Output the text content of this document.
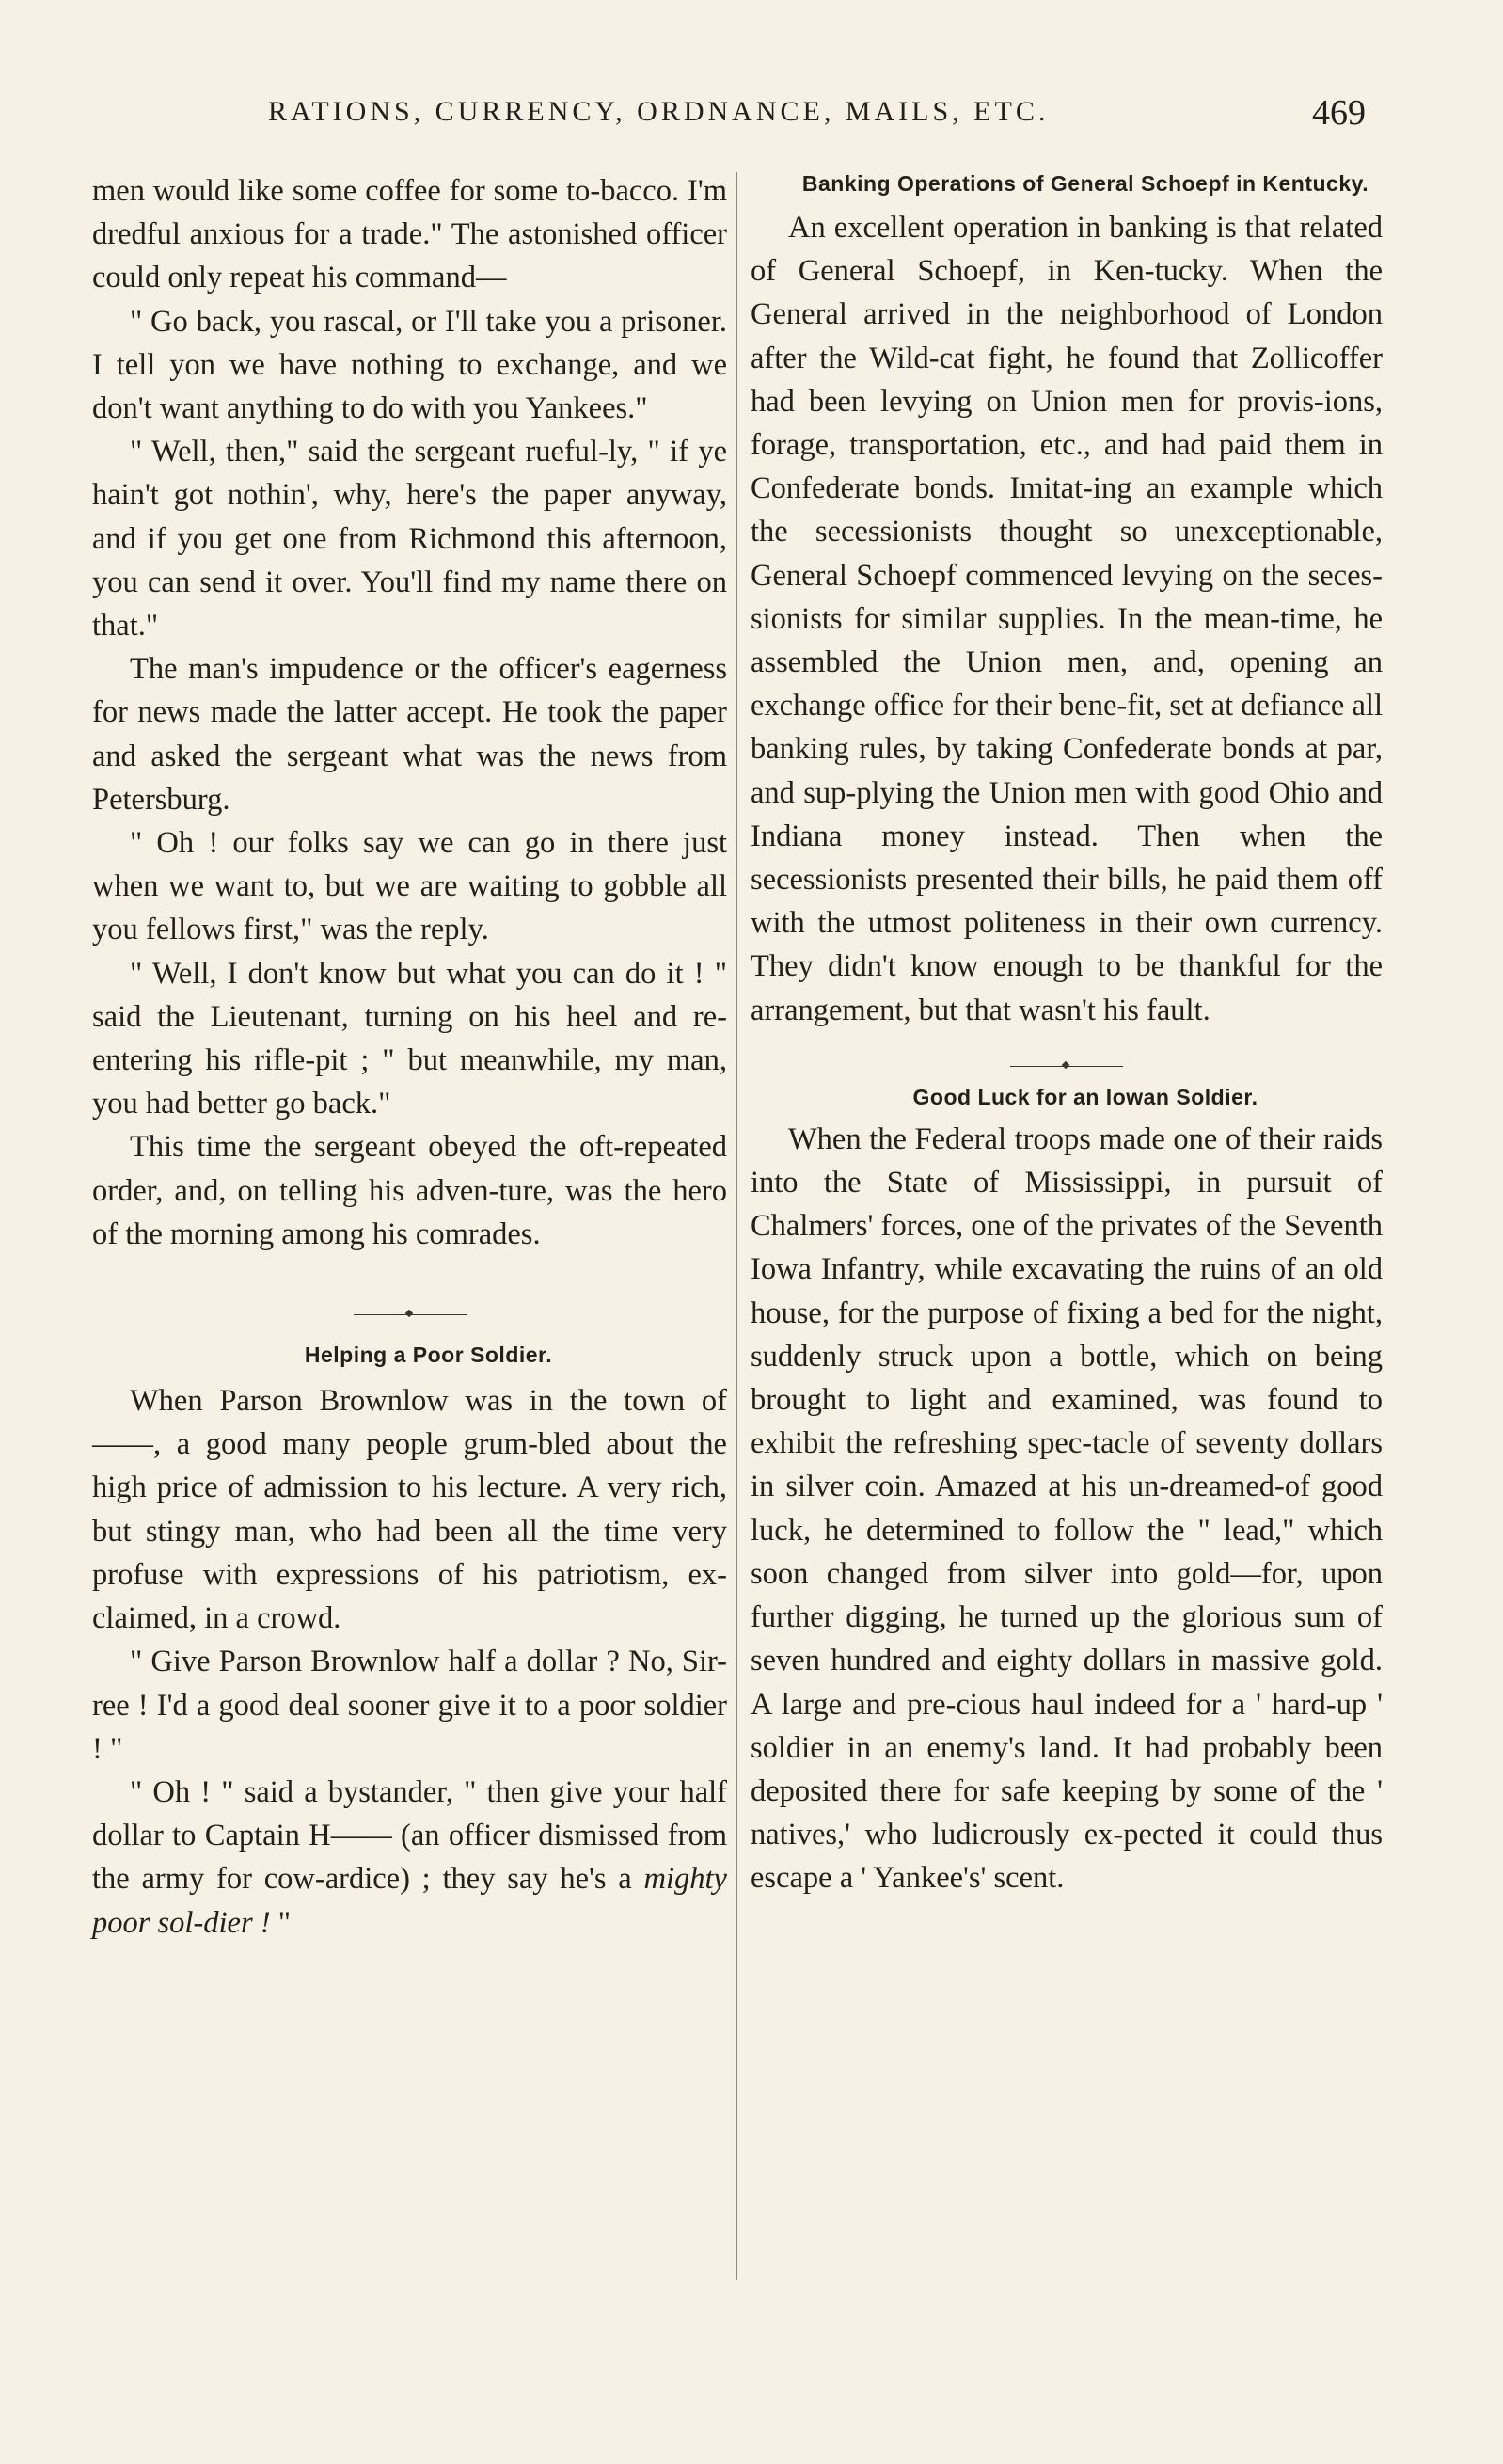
RATIONS, CURRENCY, ORDNANCE, MAILS, ETC.	469

men would like some coffee for some to-bacco. I'm dredful anxious for a trade." The astonished officer could only repeat his command—

" Go back, you rascal, or I'll take you a prisoner. I tell yon we have nothing to exchange, and we don't want anything to do with you Yankees."

" Well, then," said the sergeant rueful-ly, " if ye hain't got nothin', why, here's the paper anyway, and if you get one from Richmond this afternoon, you can send it over. You'll find my name there on that."

The man's impudence or the officer's eagerness for news made the latter accept. He took the paper and asked the sergeant what was the news from Petersburg.

" Oh ! our folks say we can go in there just when we want to, but we are waiting to gobble all you fellows first," was the reply.

" Well, I don't know but what you can do it ! " said the Lieutenant, turning on his heel and re-entering his rifle-pit ; " but meanwhile, my man, you had better go back."

This time the sergeant obeyed the oft-repeated order, and, on telling his adven-ture, was the hero of the morning among his comrades.

Helping a Poor Soldier.

When Parson Brownlow was in the town of ——, a good many people grum-bled about the high price of admission to his lecture. A very rich, but stingy man, who had been all the time very profuse with expressions of his patriotism, ex-claimed, in a crowd.

" Give Parson Brownlow half a dollar ? No, Sir-ree ! I'd a good deal sooner give it to a poor soldier ! "

" Oh ! " said a bystander, " then give your half dollar to Captain H—— (an officer dismissed from the army for cow-ardice) ; they say he's a mighty poor sol-dier ! "

Banking Operations of General Schoepf in Kentucky.

An excellent operation in banking is that related of General Schoepf, in Ken-tucky. When the General arrived in the neighborhood of London after the Wild-cat fight, he found that Zollicoffer had been levying on Union men for provis-ions, forage, transportation, etc., and had paid them in Confederate bonds. Imitat-ing an example which the secessionists thought so unexceptionable, General Schoepf commenced levying on the seces-sionists for similar supplies. In the mean-time, he assembled the Union men, and, opening an exchange office for their bene-fit, set at defiance all banking rules, by taking Confederate bonds at par, and sup-plying the Union men with good Ohio and Indiana money instead. Then when the secessionists presented their bills, he paid them off with the utmost politeness in their own currency. They didn't know enough to be thankful for the arrangement, but that wasn't his fault.

Good Luck for an Iowan Soldier.

When the Federal troops made one of their raids into the State of Mississippi, in pursuit of Chalmers' forces, one of the privates of the Seventh Iowa Infantry, while excavating the ruins of an old house, for the purpose of fixing a bed for the night, suddenly struck upon a bottle, which on being brought to light and examined, was found to exhibit the refreshing spec-tacle of seventy dollars in silver coin. Amazed at his un-dreamed-of good luck, he determined to follow the " lead," which soon changed from silver into gold—for, upon further digging, he turned up the glorious sum of seven hundred and eighty dollars in massive gold. A large and pre-cious haul indeed for a ' hard-up ' soldier in an enemy's land. It had probably been deposited there for safe keeping by some of the ' natives,' who ludicrously ex-pected it could thus escape a ' Yankee's' scent.
